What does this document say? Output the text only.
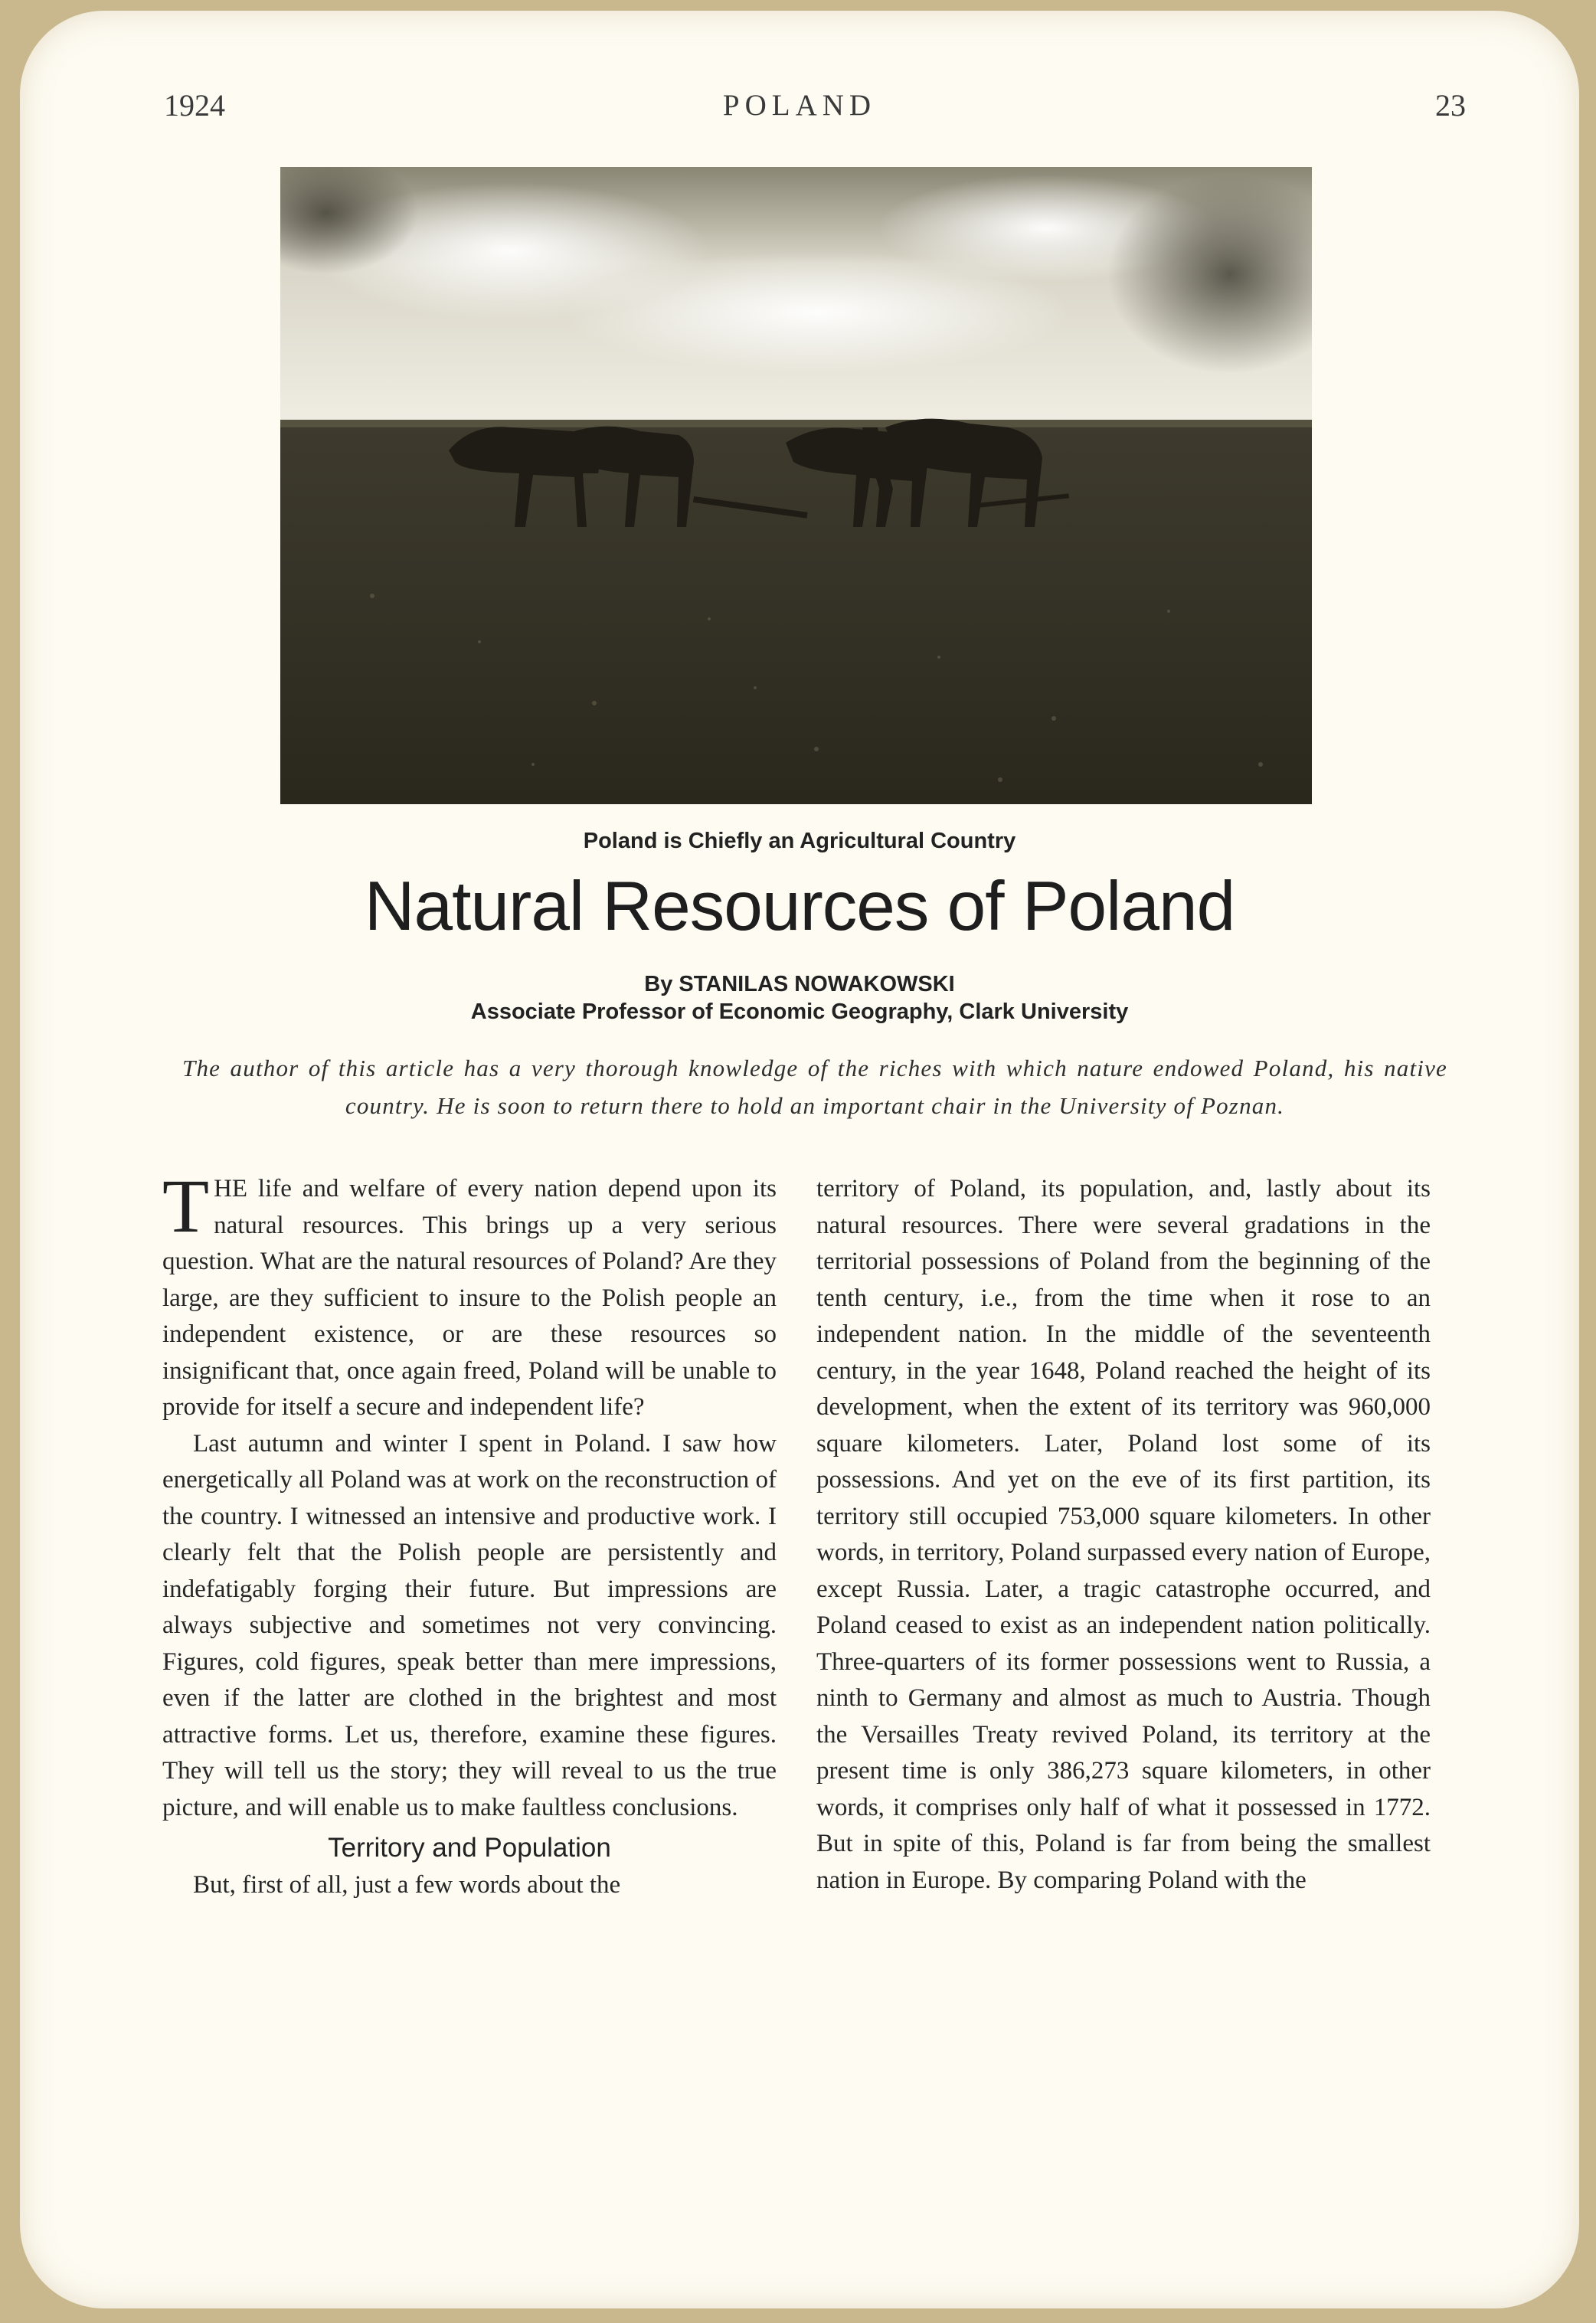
1924	POLAND	23
Poland is Chiefly an Agricultural Country
Natural Resources of Poland
By STANILAS NOWAKOWSKI
Associate Professor of Economic Geography, Clark University
The author of this article has a very thorough knowledge of the riches with which nature endowed Poland, his native country. He is soon to return there to hold an important chair in the University of Poznan.

THE life and welfare of every nation depend upon its natural resources. This brings up a very serious question. What are the natural resources of Poland? Are they large, are they sufficient to insure to the Polish people an independent existence, or are these resources so insignificant that, once again freed, Poland will be unable to provide for itself a secure and independent life?

Last autumn and winter I spent in Poland. I saw how energetically all Poland was at work on the reconstruction of the country. I witnessed an intensive and productive work. I clearly felt that the Polish people are persistently and indefatigably forging their future. But impressions are always subjective and sometimes not very convincing. Figures, cold figures, speak better than mere impressions, even if the latter are clothed in the brightest and most attractive forms. Let us, therefore, examine these figures. They will tell us the story; they will reveal to us the true picture, and will enable us to make faultless conclusions.

Territory and Population

But, first of all, just a few words about the

territory of Poland, its population, and, lastly about its natural resources. There were several gradations in the territorial possessions of Poland from the beginning of the tenth century, i.e., from the time when it rose to an independent nation. In the middle of the seventeenth century, in the year 1648, Poland reached the height of its development, when the extent of its territory was 960,000 square kilometers. Later, Poland lost some of its possessions. And yet on the eve of its first partition, its territory still occupied 753,000 square kilometers. In other words, in territory, Poland surpassed every nation of Europe, except Russia. Later, a tragic catastrophe occurred, and Poland ceased to exist as an independent nation politically. Three-quarters of its former possessions went to Russia, a ninth to Germany and almost as much to Austria. Though the Versailles Treaty revived Poland, its territory at the present time is only 386,273 square kilometers, in other words, it comprises only half of what it possessed in 1772. But in spite of this, Poland is far from being the smallest nation in Europe. By comparing Poland with the
